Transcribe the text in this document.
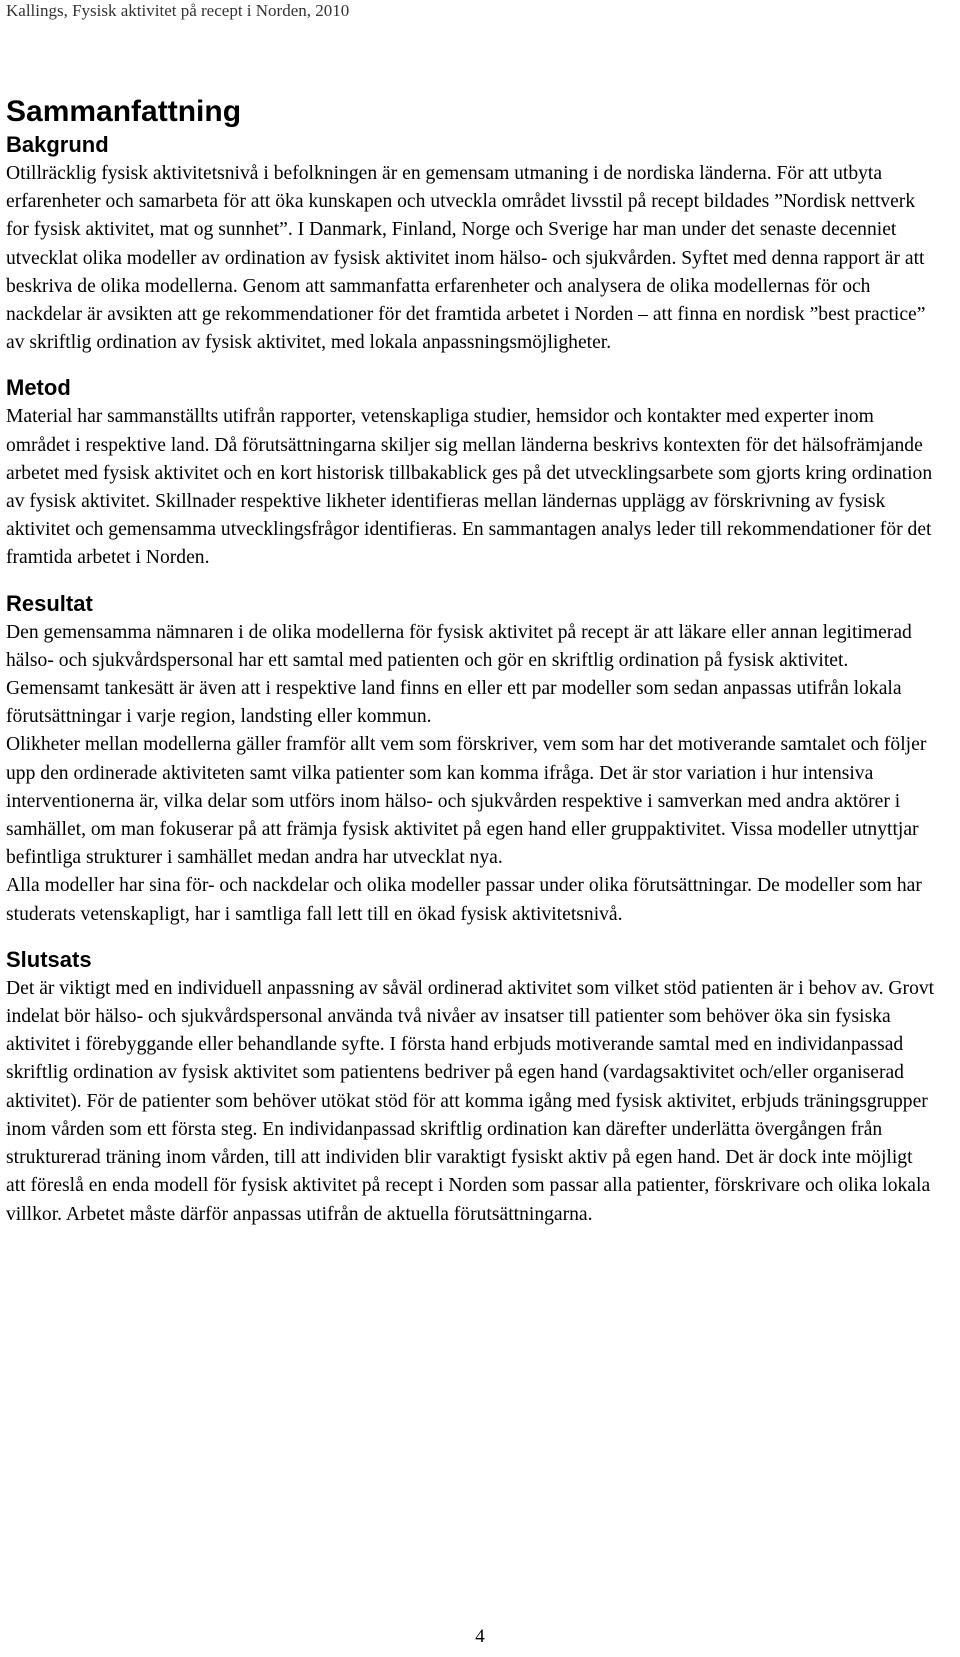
Kallings, Fysisk aktivitet på recept i Norden, 2010
Sammanfattning
Bakgrund

Otillräcklig fysisk aktivitetsnivå i befolkningen är en gemensam utmaning i de nordiska länderna. För att utbyta erfarenheter och samarbeta för att öka kunskapen och utveckla området livsstil på recept bildades ”Nordisk nettverk for fysisk aktivitet, mat og sunnhet”. I Danmark, Finland, Norge och Sverige har man under det senaste decenniet utvecklat olika modeller av ordination av fysisk aktivitet inom hälso- och sjukvården. Syftet med denna rapport är att beskriva de olika modellerna. Genom att sammanfatta erfarenheter och analysera de olika modellernas för och nackdelar är avsikten att ge rekommendationer för det framtida arbetet i Norden – att finna en nordisk ”best practice” av skriftlig ordination av fysisk aktivitet, med lokala anpassningsmöjligheter.

Metod

Material har sammanställts utifrån rapporter, vetenskapliga studier, hemsidor och kontakter med experter inom området i respektive land. Då förutsättningarna skiljer sig mellan länderna beskrivs kontexten för det hälsofrämjande arbetet med fysisk aktivitet och en kort historisk tillbakablick ges på det utvecklingsarbete som gjorts kring ordination av fysisk aktivitet. Skillnader respektive likheter identifieras mellan ländernas upplägg av förskrivning av fysisk aktivitet och gemensamma utvecklingsfrågor identifieras. En sammantagen analys leder till rekommendationer för det framtida arbetet i Norden.

Resultat

Den gemensamma nämnaren i de olika modellerna för fysisk aktivitet på recept är att läkare eller annan legitimerad hälso- och sjukvårdspersonal har ett samtal med patienten och gör en skriftlig ordination på fysisk aktivitet. Gemensamt tankesätt är även att i respektive land finns en eller ett par modeller som sedan anpassas utifrån lokala förutsättningar i varje region, landsting eller kommun.

Olikheter mellan modellerna gäller framför allt vem som förskriver, vem som har det motiverande samtalet och följer upp den ordinerade aktiviteten samt vilka patienter som kan komma ifråga. Det är stor variation i hur intensiva interventionerna är, vilka delar som utförs inom hälso- och sjukvården respektive i samverkan med andra aktörer i samhället, om man fokuserar på att främja fysisk aktivitet på egen hand eller gruppaktivitet. Vissa modeller utnyttjar befintliga strukturer i samhället medan andra har utvecklat nya.

Alla modeller har sina för- och nackdelar och olika modeller passar under olika förutsättningar. De modeller som har studerats vetenskapligt, har i samtliga fall lett till en ökad fysisk aktivitetsnivå.

Slutsats

Det är viktigt med en individuell anpassning av såväl ordinerad aktivitet som vilket stöd patienten är i behov av. Grovt indelat bör hälso- och sjukvårdspersonal använda två nivåer av insatser till patienter som behöver öka sin fysiska aktivitet i förebyggande eller behandlande syfte. I första hand erbjuds motiverande samtal med en individanpassad skriftlig ordination av fysisk aktivitet som patientens bedriver på egen hand (vardagsaktivitet och/eller organiserad aktivitet). För de patienter som behöver utökat stöd för att komma igång med fysisk aktivitet, erbjuds träningsgrupper inom vården som ett första steg. En individanpassad skriftlig ordination kan därefter underlätta övergången från strukturerad träning inom vården, till att individen blir varaktigt fysiskt aktiv på egen hand. Det är dock inte möjligt att föreslå en enda modell för fysisk aktivitet på recept i Norden som passar alla patienter, förskrivare och olika lokala villkor. Arbetet måste därför anpassas utifrån de aktuella förutsättningarna.

4
